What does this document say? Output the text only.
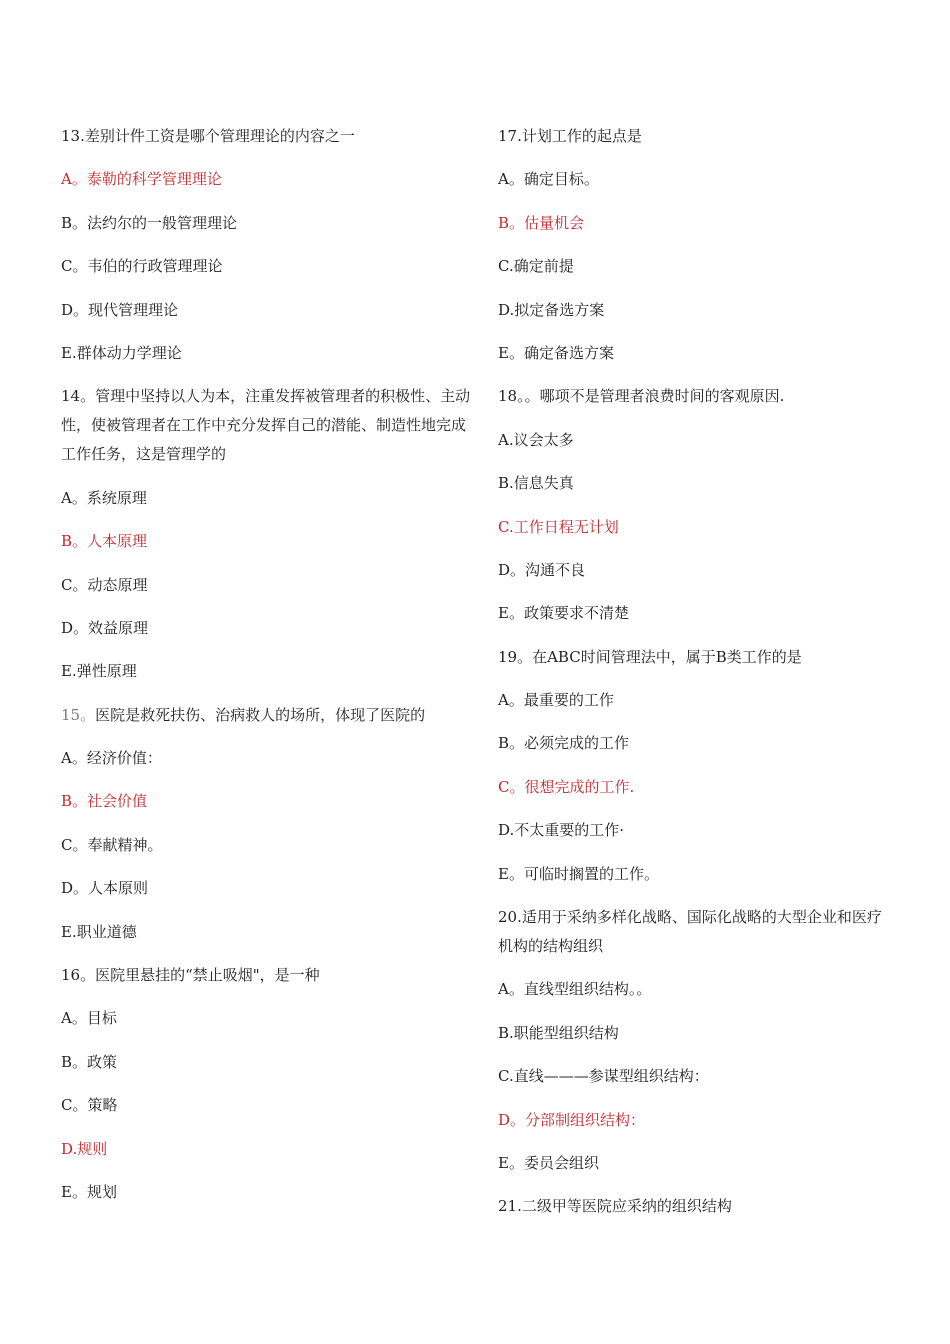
13.差别计件工资是哪个管理理论的内容之一

A。泰勒的科学管理理论

B。法约尔的一般管理理论

C。韦伯的行政管理理论

D。现代管理理论

E.群体动力学理论

14。管理中坚持以人为本，注重发挥被管理者的积极性、主动性，使被管理者在工作中充分发挥自己的潜能、制造性地完成工作任务，这是管理学的

A。系统原理

B。人本原理

C。动态原理

D。效益原理

E.弹性原理

15。医院是救死扶伤、治病救人的场所，体现了医院的

A。经济价值：

B。社会价值

C。奉献精神。

D。人本原则

E.职业道德

16。医院里悬挂的“禁止吸烟"，是一种

A。目标

B。政策

C。策略

D.规则

E。规划

17.计划工作的起点是

A。确定目标。

B。估量机会

C.确定前提

D.拟定备选方案

E。确定备选方案

18。。哪项不是管理者浪费时间的客观原因.

A.议会太多

B.信息失真

C.工作日程无计划

D。沟通不良

E。政策要求不清楚

19。在ABC时间管理法中，属于B类工作的是

A。最重要的工作

B。必须完成的工作

C。很想完成的工作.

D.不太重要的工作·

E。可临时搁置的工作。

20.适用于采纳多样化战略、国际化战略的大型企业和医疗机构的结构组织

A。直线型组织结构。。

B.职能型组织结构

C.直线———参谋型组织结构：

D。分部制组织结构：

E。委员会组织

21.二级甲等医院应采纳的组织结构
